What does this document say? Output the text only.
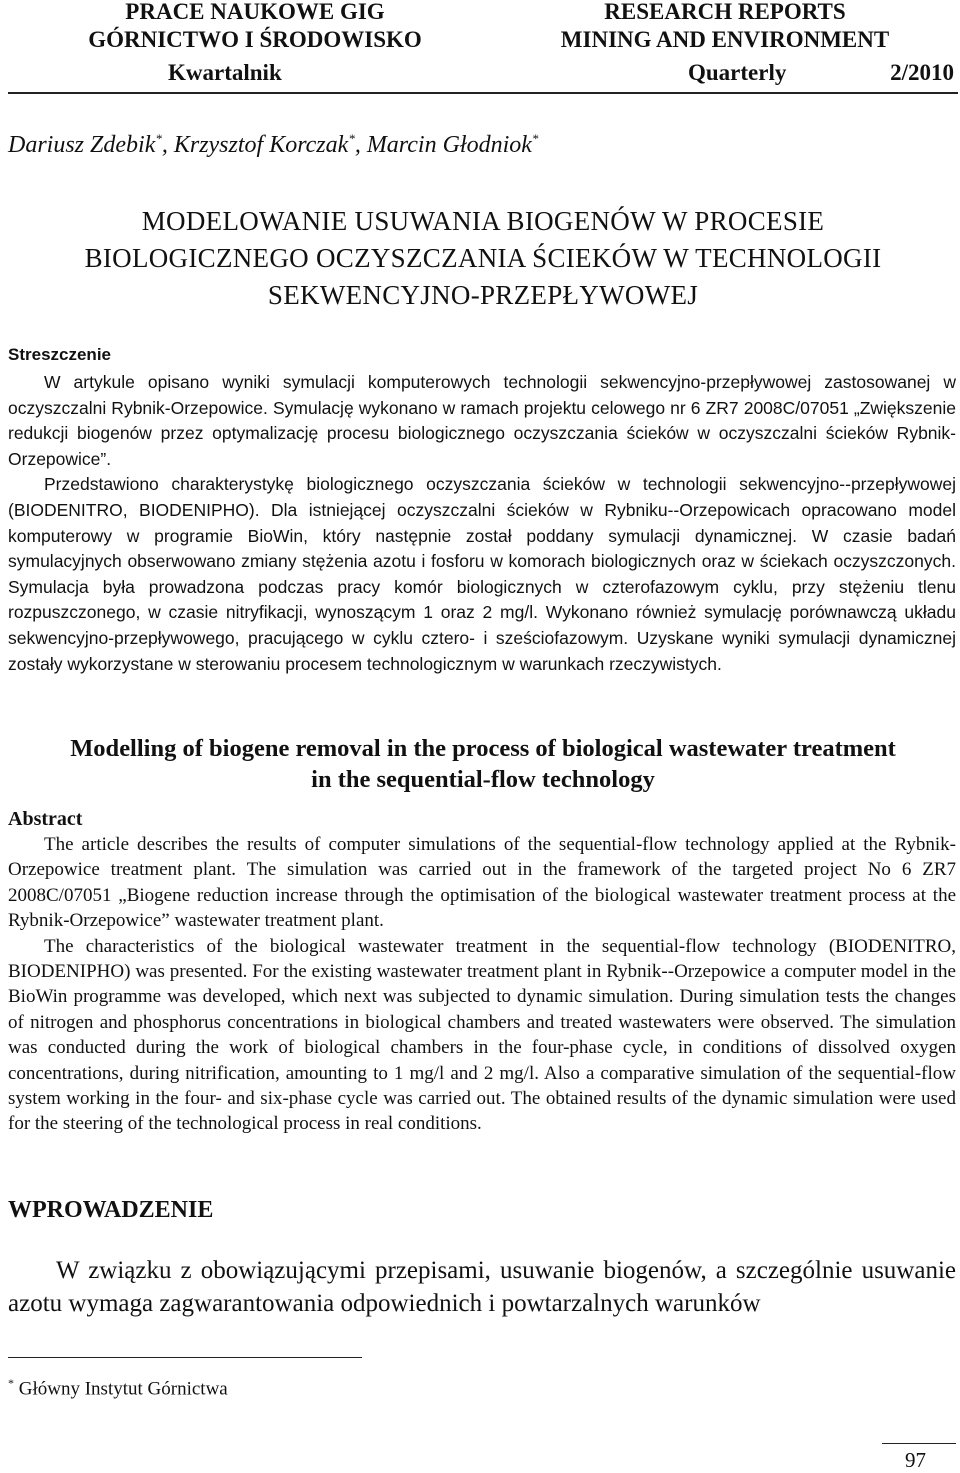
PRACE NAUKOWE GIG
GÓRNICTWO I ŚRODOWISKO
RESEARCH REPORTS
MINING AND ENVIRONMENT
Kwartalnik	Quarterly	2/2010
Dariusz Zdebik*, Krzysztof Korczak*, Marcin Głodniok*
MODELOWANIE USUWANIA BIOGENÓW W PROCESIE
BIOLOGICZNEGO OCZYSZCZANIA ŚCIEKÓW W TECHNOLOGII
SEKWENCYJNO-PRZEPŁYWOWEJ
Streszczenie

W artykule opisano wyniki symulacji komputerowych technologii sekwencyjno-przepływowej zastosowanej w oczyszczalni Rybnik-Orzepowice. Symulację wykonano w ramach projektu celowego nr 6 ZR7 2008C/07051 „Zwiększenie redukcji biogenów przez optymalizację procesu biologicznego oczyszczania ścieków w oczyszczalni ścieków Rybnik-Orzepowice”.

Przedstawiono charakterystykę biologicznego oczyszczania ścieków w technologii sekwencyjno--przepływowej (BIODENITRO, BIODENIPHO). Dla istniejącej oczyszczalni ścieków w Rybniku--Orzepowicach opracowano model komputerowy w programie BioWin, który następnie został poddany symulacji dynamicznej. W czasie badań symulacyjnych obserwowano zmiany stężenia azotu i fosforu w komorach biologicznych oraz w ściekach oczyszczonych. Symulacja była prowadzona podczas pracy komór biologicznych w czterofazowym cyklu, przy stężeniu tlenu rozpuszczonego, w czasie nitryfikacji, wynoszącym 1 oraz 2 mg/l. Wykonano również symulację porównawczą układu sekwencyjno-przepływowego, pracującego w cyklu cztero- i sześciofazowym. Uzyskane wyniki symulacji dynamicznej zostały wykorzystane w sterowaniu procesem technologicznym w warunkach rzeczywistych.

Modelling of biogene removal in the process of biological wastewater treatment
in the sequential-flow technology
Abstract

The article describes the results of computer simulations of the sequential-flow technology applied at the Rybnik-Orzepowice treatment plant. The simulation was carried out in the framework of the targeted project No 6 ZR7 2008C/07051 „Biogene reduction increase through the optimisation of the biological wastewater treatment process at the Rybnik-Orzepowice” wastewater treatment plant.

The characteristics of the biological wastewater treatment in the sequential-flow technology (BIODENITRO, BIODENIPHO) was presented. For the existing wastewater treatment plant in Rybnik--Orzepowice a computer model in the BioWin programme was developed, which next was subjected to dynamic simulation. During simulation tests the changes of nitrogen and phosphorus concentrations in biological chambers and treated wastewaters were observed. The simulation was conducted during the work of biological chambers in the four-phase cycle, in conditions of dissolved oxygen concentrations, during nitrification, amounting to 1 mg/l and 2 mg/l. Also a comparative simulation of the sequential-flow system working in the four- and six-phase cycle was carried out. The obtained results of the dynamic simulation were used for the steering of the technological process in real conditions.

WPROWADZENIE

W związku z obowiązującymi przepisami, usuwanie biogenów, a szczególnie usuwanie azotu wymaga zagwarantowania odpowiednich i powtarzalnych warunków

* Główny Instytut Górnictwa
97
